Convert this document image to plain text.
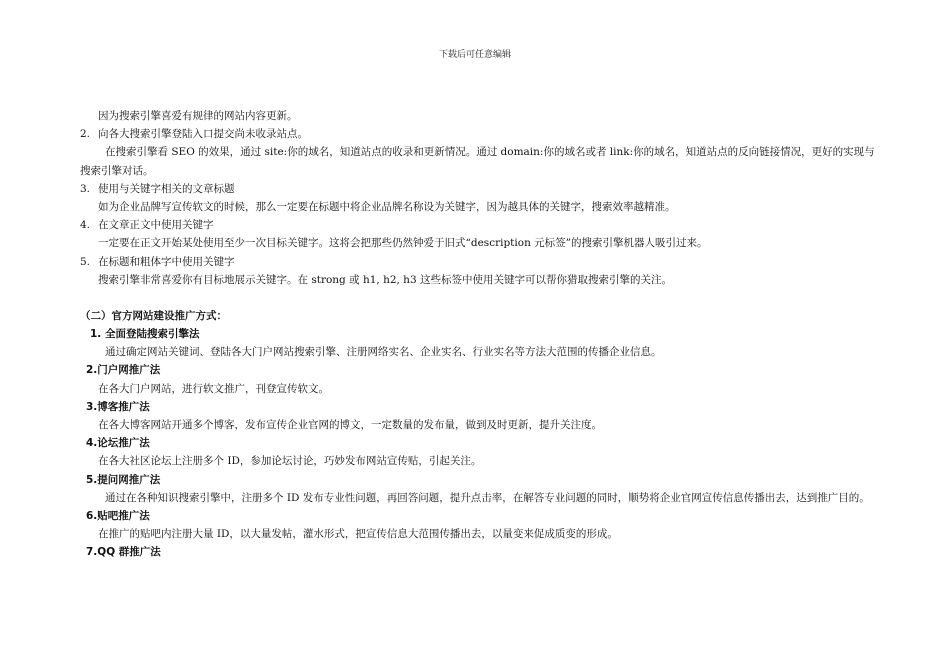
下载后可任意编辑
因为搜索引擎喜爱有规律的网站内容更新。
2. 向各大搜索引擎登陆入口提交尚未收录站点。
在搜索引擎看 SEO 的效果，通过 site:你的域名，知道站点的收录和更新情况。通过 domain:你的域名或者 link:你的域名，知道站点的反向链接情况，更好的实现与搜索引擎对话。
3. 使用与关键字相关的文章标题
如为企业品牌写宣传软文的时候，那么一定要在标题中将企业品牌名称设为关键字，因为越具体的关键字，搜索效率越精准。
4. 在文章正文中使用关键字
一定要在正文开始某处使用至少一次目标关键字。这将会把那些仍然钟爱于旧式“description 元标签”的搜索引擎机器人吸引过来。
5. 在标题和粗体字中使用关键字
搜索引擎非常喜爱你有目标地展示关键字。在 strong 或 h1, h2, h3 这些标签中使用关键字可以帮你猎取搜索引擎的关注。
（二）官方网站建设推广方式：
1. 全面登陆搜索引擎法
通过确定网站关键词、登陆各大门户网站搜索引擎、注册网络实名、企业实名、行业实名等方法大范围的传播企业信息。
2.门户网推广法
在各大门户网站，进行软文推广，刊登宣传软文。
3.博客推广法
在各大博客网站开通多个博客，发布宣传企业官网的博文，一定数量的发布量，做到及时更新，提升关注度。
4.论坛推广法
在各大社区论坛上注册多个 ID，参加论坛讨论，巧妙发布网站宣传贴，引起关注。
5.提问网推广法
通过在各种知识搜索引擎中，注册多个 ID 发布专业性问题，再回答问题，提升点击率，在解答专业问题的同时，顺势将企业官网宣传信息传播出去，达到推广目的。
6.贴吧推广法
在推广的贴吧内注册大量 ID，以大量发帖，灌水形式，把宣传信息大范围传播出去，以量变来促成质变的形成。
7.QQ 群推广法
